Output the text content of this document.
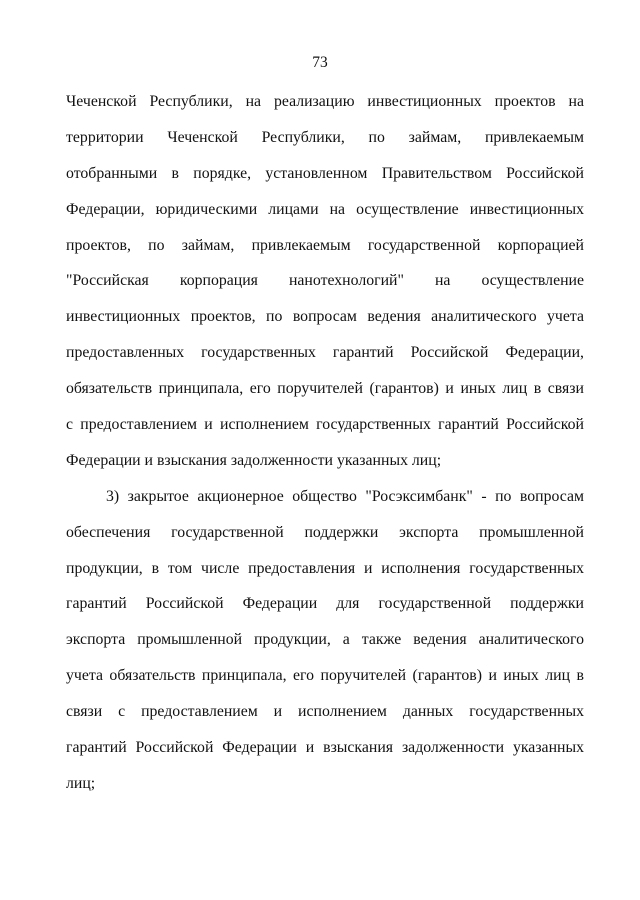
73
Чеченской Республики, на реализацию инвестиционных проектов на
территории Чеченской Республики, по займам, привлекаемым
отобранными в порядке, установленном Правительством Российской
Федерации, юридическими лицами на осуществление инвестиционных
проектов, по займам, привлекаемым государственной корпорацией
"Российская корпорация нанотехнологий" на осуществление
инвестиционных проектов, по вопросам ведения аналитического учета
предоставленных государственных гарантий Российской Федерации,
обязательств принципала, его поручителей (гарантов) и иных лиц в связи
с предоставлением и исполнением государственных гарантий Российской
Федерации и взыскания задолженности указанных лиц;
3) закрытое акционерное общество "Росэксимбанк" - по вопросам
обеспечения государственной поддержки экспорта промышленной
продукции, в том числе предоставления и исполнения государственных
гарантий Российской Федерации для государственной поддержки
экспорта промышленной продукции, а также ведения аналитического
учета обязательств принципала, его поручителей (гарантов) и иных лиц в
связи с предоставлением и исполнением данных государственных
гарантий Российской Федерации и взыскания задолженности указанных
лиц;
